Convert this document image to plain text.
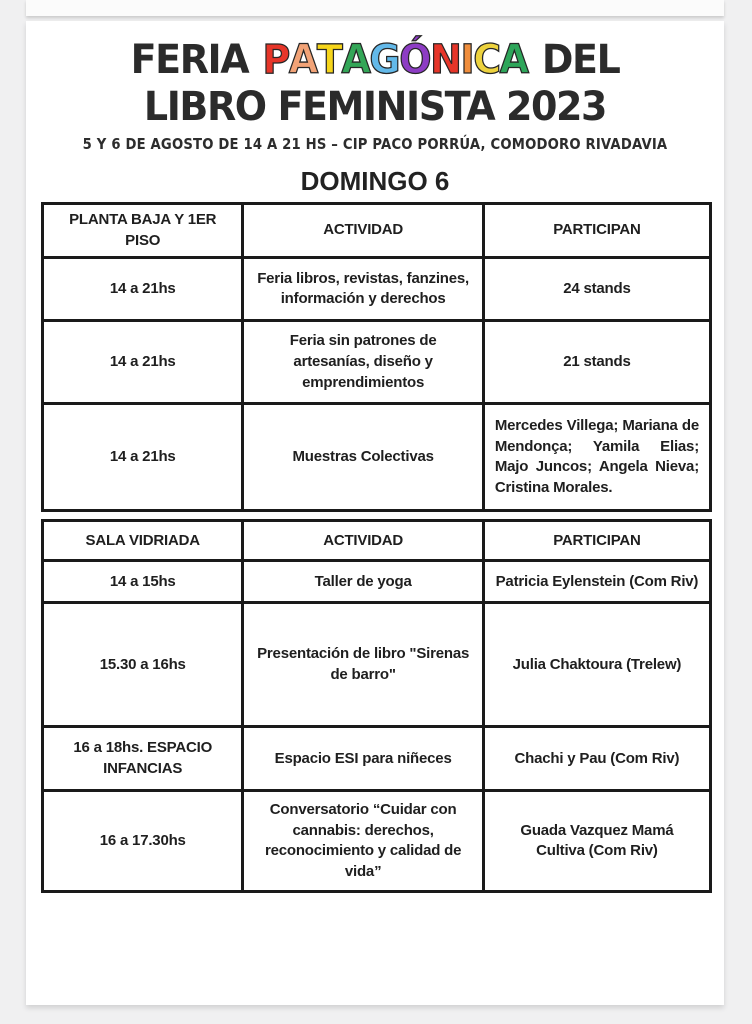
FERIA P A T A G Ó N I C A DEL
LIBRO FEMINISTA 2023
5 Y 6 DE AGOSTO DE 14 A 21 HS – CIP PACO PORRÚA, COMODORO RIVADAVIA
DOMINGO 6
PLANTA BAJA Y 1ER PISO	ACTIVIDAD	PARTICIPAN
14 a 21hs	Feria libros, revistas, fanzines, información y derechos	24 stands
14 a 21hs	Feria sin patrones de artesanías, diseño y emprendimientos	21 stands
14 a 21hs	Muestras Colectivas	Mercedes Villega; Mariana de Mendonça; Yamila Elias; Majo Juncos; Angela Nieva; Cristina Morales.
SALA VIDRIADA	ACTIVIDAD	PARTICIPAN
14 a 15hs	Taller de yoga	Patricia Eylenstein (Com Riv)
15.30 a 16hs	Presentación de libro "Sirenas de barro"	Julia Chaktoura (Trelew)
16 a 18hs. ESPACIO INFANCIAS	Espacio ESI para niñeces	Chachi y Pau (Com Riv)
16 a 17.30hs	Conversatorio “Cuidar con cannabis: derechos, reconocimiento y calidad de vida”	Guada Vazquez Mamá Cultiva (Com Riv)
